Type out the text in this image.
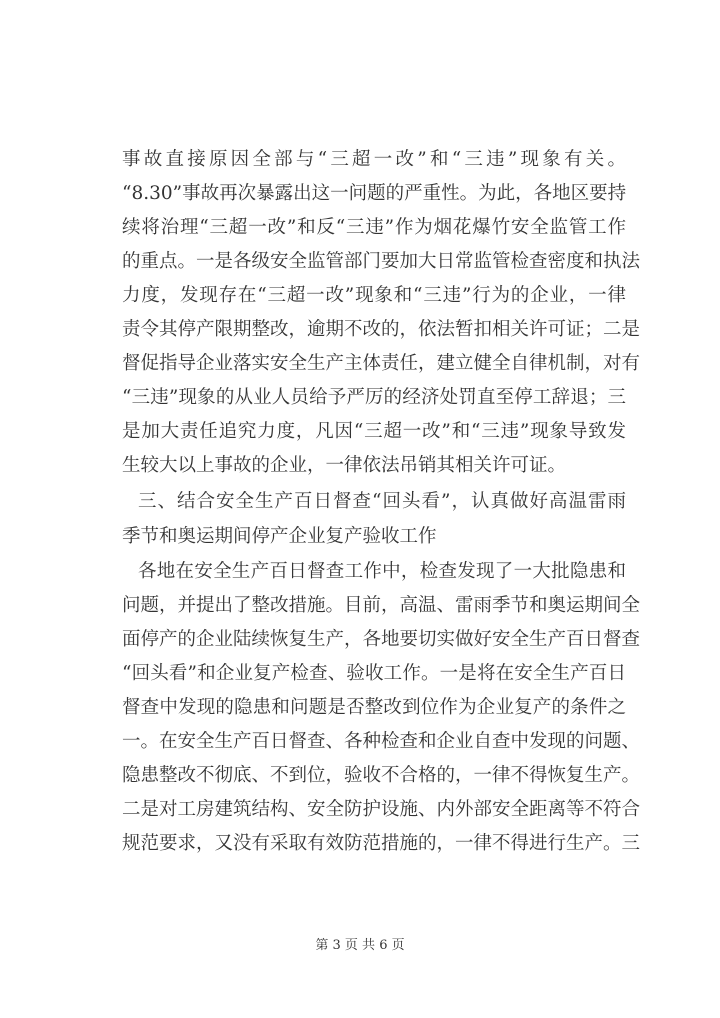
事故直接原因全部与“三超一改”和“三违”现象有关。
“8.30”事故再次暴露出这一问题的严重性。为此，各地区要持
续将治理“三超一改”和反“三违”作为烟花爆竹安全监管工作
的重点。一是各级安全监管部门要加大日常监管检查密度和执法
力度，发现存在“三超一改”现象和“三违”行为的企业，一律
责令其停产限期整改，逾期不改的，依法暂扣相关许可证；二是
督促指导企业落实安全生产主体责任，建立健全自律机制，对有
“三违”现象的从业人员给予严厉的经济处罚直至停工辞退；三
是加大责任追究力度，凡因“三超一改”和“三违”现象导致发
生较大以上事故的企业，一律依法吊销其相关许可证。
三、结合安全生产百日督查“回头看”，认真做好高温雷雨
季节和奥运期间停产企业复产验收工作
各地在安全生产百日督查工作中，检查发现了一大批隐患和
问题，并提出了整改措施。目前，高温、雷雨季节和奥运期间全
面停产的企业陆续恢复生产，各地要切实做好安全生产百日督查
“回头看”和企业复产检查、验收工作。一是将在安全生产百日
督查中发现的隐患和问题是否整改到位作为企业复产的条件之
一。在安全生产百日督查、各种检查和企业自查中发现的问题、
隐患整改不彻底、不到位，验收不合格的，一律不得恢复生产。
二是对工房建筑结构、安全防护设施、内外部安全距离等不符合
规范要求，又没有采取有效防范措施的，一律不得进行生产。三
第 3 页 共 6 页
